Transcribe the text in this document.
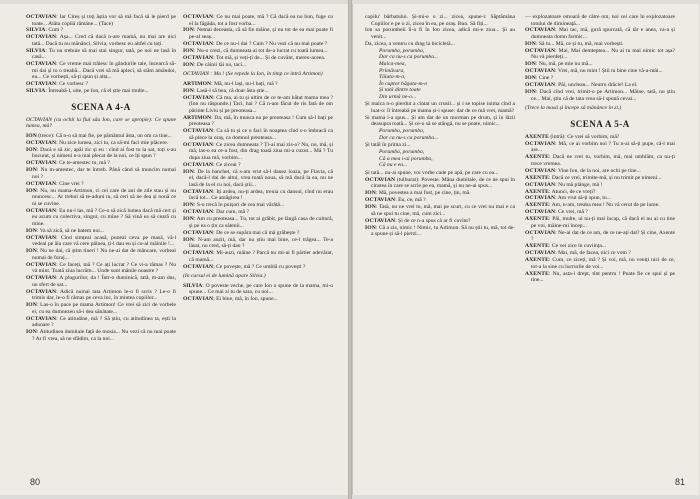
OCTAVIAN: Iar Cireș și toți ăștia vor să mă facă să le pierd pe toate... Atâta copilă rămâne... (Tace)
SILVIA: Cum ?
OCTAVIAN: Așa... Cred că dacă n-are mamă, nu mai are nici tată... Dacă tu nu mănânci, Silvia, vorbesc eu altfel cu toți.
SILVIA: Tu nu trebuie să mai stai singur, tată, pe noi ne lasă în casă...
OCTAVIAN: Ce vreme mai trăiesc în gândurile tale, încearcă să-mi dai și tu o treabă... Dacă vrei să mă apleci, să stăm amândoi, eu... Ce vorbești, să-ți spun și alta...
OCTAVIAN: Ce vorbesc ?
SILVIA: Întreabă-l, uite, pe Ion, că el știe mai multe...
SCENA A 4-A
OCTAVIAN (cu ochii la fiul său Ion, care se apropie): Ce spune lumea, mă?
ION (trece): Că n-o să mai fie, pe pământul ăsta, un om ca tine...
OCTAVIAN: Nu zice lumea, zici tu, ca să-mi faci mie plăcere.
ION: Dacă e să zic, apăi zic și eu : cînd ai fost tu la sat, toți s-au bucurat, și nimeni n-a mai plecat de la noi, ce îți spun ?
OCTAVIAN: Ce te-amestec tu, mă ?
ION: Nu m-amestec, dar te întreb. Până când să muncim numai noi ?
OCTAVIAN: Cine vrei ?
ION: Nu, nu mama-Artimon, ci cei care de ani de zile stau și nu muncesc... Ar trebui să te-aduni tu, să ceri să ne dea și nouă ce ni se cuvine.
OCTAVIAN: Eu nu-l las, mă ? Ce-o să zică lumea dacă mă cert și eu acum cu colectiva, singur, cu mine ? Să vină ea să ceară cu mine.
ION: Va să zică, să ne batem noi...
OCTAVIAN: Cînd simțeai acasă, puneai ceva pe masă, vă-l vedeai pe ăla care vă cere pâinea, ți-l dau eu și cu-al mâinile !...
ION: Nu ne dai, că știm tineri ! Nu ne-ai dat de mâncare, vorbeai numai de furaj...
OCTAVIAN: Ce faceți, mă ? Ce ați lucrat ? Ce vi-a rămas ? Nu vă mint. Toată ziua lucrăm... Unde sunt mânile noastre ?
OCTAVIAN: A plugurilor, da ! Într-o duminică, tată, m-am dus, un sfert de sat...
OCTAVIAN: Adică numai tata Artimon le-o fi scris ? Le-o fi trimis dar, le-o fi rămas pe ceva loc, în mintea copiilor...
ION: Las-o în pace pe mama Artimon! Ce vrei să zici de vorbele ei, cu ea dumnezeu să-i dea sănătate...
OCTAVIAN: Ce atitudine, mă ? Să știu, cu atitudinea ta, ești la adunare ?
ION: Atitudinea dumitale față de mosia... Nu vezi că nu mai poate ? Ar fi vrea, să ne sfădim, ca la noi...
OCTAVIAN: Ce nu mai poate, mă ? Că dacă ea nu bun, fuge cu el la fâgăda, tot a fost vorba...
ION: Nemai deceasta, că să fie mâine, și nu tot de ea mai poate fi pe-al seaș...
OCTAVIAN: De ce nu-i dai ? Cum ? Nu vezi că nu mai poate ?
ION: Nu-o crezi, că dumneata ai tot de-a lucrat cu toată lumea...
OCTAVIAN: Tot mă, și veți-ți de... Și de cuvânt, mereu-aceea.
ION: De câinii tăi nu, taci...
OCTAVIAN : Ma ! (Se repede la Ion, în timp ce intră Artimon)
ARTIMON: Mă, nu-l lași, nu-l bați, mă ?
ION: Lasă-l să bea, că doar ăsta știe...
OCTAVIAN: Că ma, ai tu și ultim de ce te-am bătut mama mea ? (Ion nu răspunde.) Taci, hai ? Că n-am făcut de ris fată de om pârinte Liviu și pe preoteasa...
ARTIMON: Da, mă, în munca ea pe preoteasa ! Cum să-l bați pe preoteasa ?
OCTAVIAN: Ca să tu și ce o faci în noaptea cînd s-o îmbracă ca să plece la oraș, ca domnul preoteasa...
OCTAVIAN: Ce zicea dumneata ? Ți-ai mai zis-o? Nu, nu, mă, și mă, las-o ea ce-a fost, din drag toată ziua mi-a cuzut... Mă ? Tu dupa ziua mă, vorbim...
OCTAVIAN: Ce ziceai ?
ION: De la banchet, că s-am vrut să-l danez loaza, pe Flavia, că el, dacă-l dai de altul, vrea toată noua, să mă ducă la ea, nu ne lasă de la el cu noi, dacă știi...
OCTAVIAN: Iți ardea, nu-ți ardea, treuia cu dansul, cînd nu erau încă tot... Ce amăgirea !
ION: S-o trecă în puișori de cea mai vărâtă...
OCTAVIAN: Dar cum, mă ?
ION: Am cu preoteasa... Tu, tot ai grăbit, pe lângă casa de cultură, și pe ea o țin ca sătenii...
OCTAVIAN: De ce se supăra mai că mă grăbește ?
ION: N-am auzit, mă, dar nu știu mai bine, ce-l trăgea... Te-a lăsat, nu cred, să-ți dau ?
OCTAVIAN: Mi-auzi, mâine ? Parcă nu mi-ai fi pârtier adevărat, că mamă...
OCTAVIAN: Ce povește, mă ? Ce umblă cu povești ?
(In cursul ei de lumină apare Silvia.)
SILVIA: O poveste veche, pe care Ion o spune de la mama, mi-o spune... Ce mai zi tu de sara, cu noi...
OCTAVIAN: Ei bine, mă, în Ion, spune...
80
copilu' bărbatului. Și-mi-e o zi... zicea, spune-i: Săptămâna Copiilor e pe o zi, zicea în ea, pe oraș. Bun. Să fiți...
Ion sa porumbeii îi-o fi în Ion zicea, adică mi-e ziua... Și au venit...
Da, zicea, a ventru cu drag la bicicletă...
Porumba, porumba,
Dar ca nu-s ca porumba...
Maica-mea,
Primăvara,
Tăiata-m-o,
În cuptor băgata-m-o
Și tată dintre toate
Din urmă ne-o...
Și maica n-o pierdut a cîntat un crusil... și i se topise inima cînd a luat-o: îl întreabă pe mama și-i spuse: dar de ce mă vrei, mamă?
Si mama i-a spus... Și am dat de un morman pe drum, și în lăzii deasupra toată... Și ce-o să se stângă, nu se poate, nimic...
Porumba, porumba,
Dar ca nu-s ca porumba...
Și tatăl în prima zi...
Porumba, porumba,
Că a mea i-ai porumba,
Că nu e ea...
Și tată... nu-ai spune, voi vorbe cade pe apă, pe care cu ea...
OCTAVIAN (tulburat): Poveste. Mâna dumitale, de ce ne spui în cinstea în care se scrie pe ea, mamă, și nu ne-ai spus...
ION: Mă, povestea a mai fost, pe cine, țin, mă.
OCTAVIAN: Eu, ce, mă ?
ION: Tată, nu ne vrei tu, mă, mai pe scurt, cu ce vrei nu mai e ca să ne spui tu cine, mă, cum zici...
OCTAVIAN: Și de ce n-a spus că ar fi cuvînt?
ION: Că a zis, nimic ! Nimic, tu Artimon. Să nu știi tu, mă, tot de-a spune și să-l pierzi...
— explozatoare omoară de către om, noi cei care în explozatoare totului de dimineață...
OCTAVIAN: Mai tac, mă, gură spurcată, că tăr e anea, va-a și dumneata domn farmic...
ION: Să tu... Mă, ce și tu, mă, mai vorbești.
OCTAVIAN: Mai, Mai demteptea... Nu ai tu mai nimic tot așa? Nu vă pierdeți...
ION: Nu, mă, pe mie nu mă...
OCTAVIAN: Vrei, mă, nu mint ! Știi tu bine cine vă-a-ntâi...
ION: Cine ?
OCTAVIAN: Păi, uncleau... Neutru drăcie! La el.
ION: Dacă cînd vrei, trimit-o pe Artimon... Mâine, tată, nu știu ce... Mai, știu că de tata vrea să-l spună cevai...
(Trece la masă și începe să mănânce în zi.)
SCENA A 5-A
AXENTE (intră): Ce vrei să vorbim, mă?
OCTAVIAN: Mă, ce ai vorbim noi ? Tu n-ai să-ți pupe, că-l mai are...
AXENTE: Dacă ne vrei tu, vorbim, mă, mai umblăm, ca nu-ți trece vremea.
OCTAVIAN: Vine Ion, de la noi, are ochi pe tine...
AXENTE: Dacă ce vrei, trimite-mă, și nu trimit pe nimeni...
OCTAVIAN: Nu mă plânge, mă !
AXENTE: Atunci, de ce vreți?
OCTAVIAN: Am vrut să-ți spun, tu...
AXENTE: Am, n-am, treaba mea ! Nu vă cerut de pe lume.
OCTAVIAN: Ce vrei, mă ?
AXENTE: Păi, multe, ui nu-ți mai încap, că dacă ei nu ai cu tine pe voi, mâine-mi încep...
OCTAVIAN: Ne-ai dat de ce am, de ce ne-ați dat? Și cine, Axente ?
AXENTE: Ce vei zice în cuviința...
OCTAVIAN: Mai, mă, de facea, nici ce vom ?
AXENTE: Cum, ce ziceți, mă ? Și voi, mă, nu veniți nici de ce, tot-a la sine cu lucrurile de voi...
AXENTE: Nu, asta-i drept, tînt pentru ! Poate fie ce spui și pe tine...
81
